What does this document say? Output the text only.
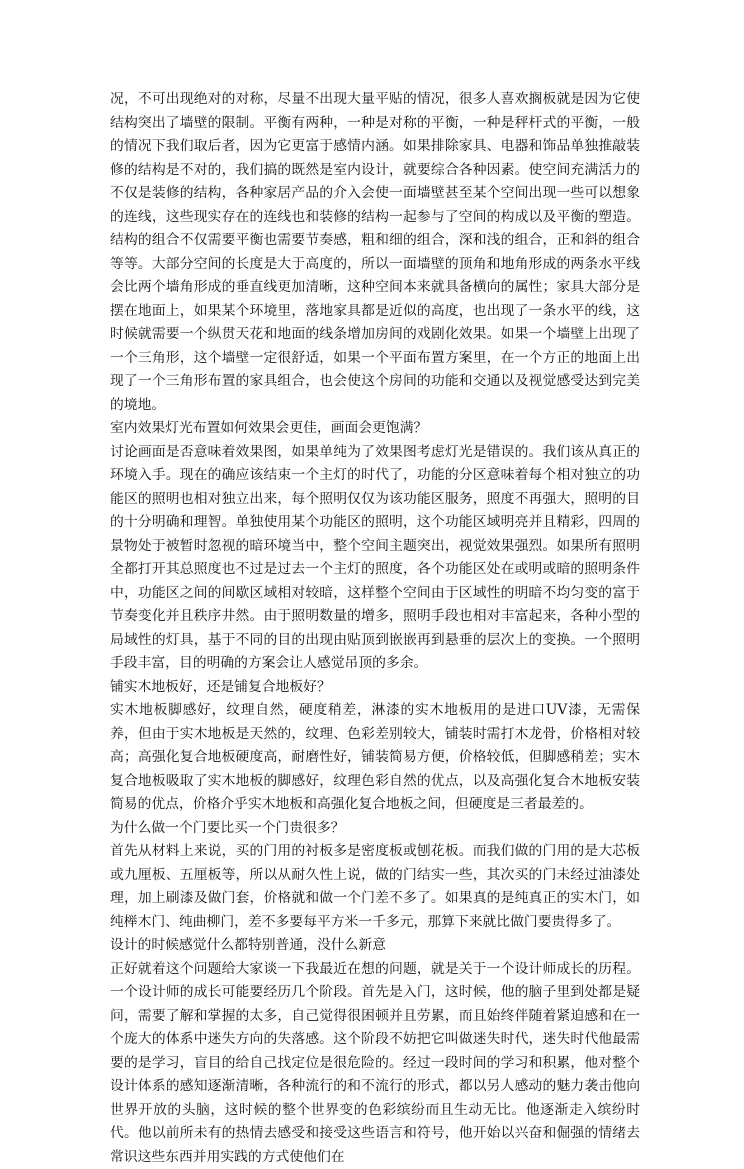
况，不可出现绝对的对称，尽量不出现大量平贴的情况，很多人喜欢搁板就是因为它使结构突出了墙壁的限制。平衡有两种，一种是对称的平衡，一种是秤杆式的平衡，一般的情况下我们取后者，因为它更富于感情内涵。如果排除家具、电器和饰品单独推敲装修的结构是不对的，我们搞的既然是室内设计，就要综合各种因素。使空间充满活力的不仅是装修的结构，各种家居产品的介入会使一面墙壁甚至某个空间出现一些可以想象的连线，这些现实存在的连线也和装修的结构一起参与了空间的构成以及平衡的塑造。结构的组合不仅需要平衡也需要节奏感，粗和细的组合，深和浅的组合，正和斜的组合等等。大部分空间的长度是大于高度的，所以一面墙壁的顶角和地角形成的两条水平线会比两个墙角形成的垂直线更加清晰，这种空间本来就具备横向的属性；家具大部分是摆在地面上，如果某个环境里，落地家具都是近似的高度，也出现了一条水平的线，这时候就需要一个纵贯天花和地面的线条增加房间的戏剧化效果。如果一个墙壁上出现了一个三角形，这个墙壁一定很舒适，如果一个平面布置方案里，在一个方正的地面上出现了一个三角形布置的家具组合，也会使这个房间的功能和交通以及视觉感受达到完美的境地。

室内效果灯光布置如何效果会更佳，画面会更饱满？

讨论画面是否意味着效果图，如果单纯为了效果图考虑灯光是错误的。我们该从真正的环境入手。现在的确应该结束一个主灯的时代了，功能的分区意味着每个相对独立的功能区的照明也相对独立出来，每个照明仅仅为该功能区服务，照度不再强大，照明的目的十分明确和理智。单独使用某个功能区的照明，这个功能区域明亮并且精彩，四周的景物处于被暂时忽视的暗环境当中，整个空间主题突出，视觉效果强烈。如果所有照明全都打开其总照度也不过是过去一个主灯的照度，各个功能区处在或明或暗的照明条件中，功能区之间的间歇区域相对较暗，这样整个空间由于区域性的明暗不均匀变的富于节奏变化并且秩序井然。由于照明数量的增多，照明手段也相对丰富起来，各种小型的局域性的灯具，基于不同的目的出现由贴顶到嵌嵌再到悬垂的层次上的变换。一个照明手段丰富，目的明确的方案会让人感觉吊顶的多余。

铺实木地板好，还是铺复合地板好？

实木地板脚感好，纹理自然，硬度稍差，淋漆的实木地板用的是进口UV漆，无需保养，但由于实木地板是天然的，纹理、色彩差别较大，铺装时需打木龙骨，价格相对较高；高强化复合地板硬度高，耐磨性好，铺装简易方便，价格较低，但脚感稍差；实木复合地板吸取了实木地板的脚感好，纹理色彩自然的优点，以及高强化复合木地板安装简易的优点，价格介乎实木地板和高强化复合地板之间，但硬度是三者最差的。

为什么做一个门要比买一个门贵很多？

首先从材料上来说，买的门用的衬板多是密度板或刨花板。而我们做的门用的是大芯板或九厘板、五厘板等，所以从耐久性上说，做的门结实一些，其次买的门未经过油漆处理，加上刷漆及做门套，价格就和做一个门差不多了。如果真的是纯真正的实木门，如纯榉木门、纯曲柳门，差不多要每平方米一千多元，那算下来就比做门要贵得多了。

设计的时候感觉什么都特别普通，没什么新意

正好就着这个问题给大家谈一下我最近在想的问题，就是关于一个设计师成长的历程。一个设计师的成长可能要经历几个阶段。首先是入门，这时候，他的脑子里到处都是疑问，需要了解和掌握的太多，自己觉得很困顿并且劳累，而且始终伴随着紧迫感和在一个庞大的体系中迷失方向的失落感。这个阶段不妨把它叫做迷失时代，迷失时代他最需要的是学习，盲目的给自己找定位是很危险的。经过一段时间的学习和积累，他对整个设计体系的感知逐渐清晰，各种流行的和不流行的形式，都以另人感动的魅力袭击他向世界开放的头脑，这时候的整个世界变的色彩缤纷而且生动无比。他逐渐走入缤纷时代。他以前所未有的热情去感受和接受这些语言和符号，他开始以兴奋和倔强的情绪去常识这些东西并用实践的方式使他们在
